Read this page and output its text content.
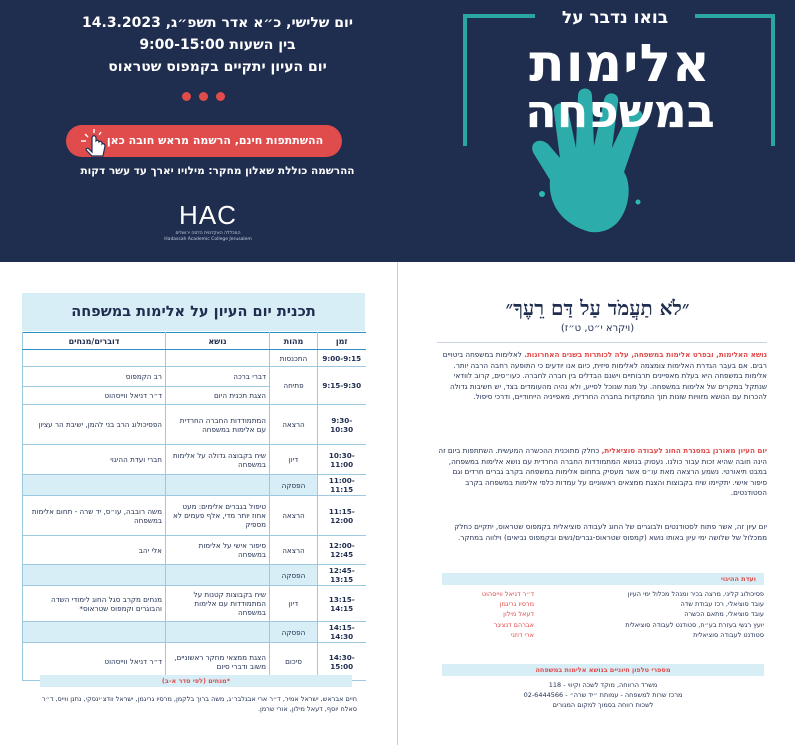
בואו נדבר על
אלימות
במשפחה
יום שלישי, כ״א אדר תשפ״ג, 14.3.2023
בין השעות 9:00-15:00
יום העיון יתקיים בקמפוס שטראוס
ההשתתפות חינם, הרשמה מראש חובה כאן
ההרשמה כוללת שאלון מחקר: מילויו יארך עד עשר דקות
HAC
המכללה האקדמית הדסה ירושלים
Hadassah Academic College Jerusalem
״לֹא תַעֲמֹד עַל דַּם רֵעֶךָ״
(ויקרא י״ט, ט״ז)
נושא האלימות, ובפרט אלימות במשפחה, עלה לכותרות בשנים האחרונות. לאלימות במשפחה ביטויים רבים. אם בעבר הגדרת האלימות צומצמה לאלימות פיזית, כיום אנו יודעים כי התופעה רחבה הרבה יותר. אלימות במשפחה היא בעלת מאפיינים תרבותיים וישנם הבדלים בין חברה לחברה. כעו״סים, קרוב לוודאי שנתקל במקרים של אלימות במשפחה. על מנת שנוכל לסייע, ולא נהיה מהעומדים בצד, יש חשיבות גדולה להכרות עם הנושא מזוויות שונות תוך התמקדות בחברה החרדית, מאפייניה הייחודיים, ודרכי סיפול.
יום העיון מאורגן במסגרת החוג לעבודה סוציאלית, כחלק מתוכנית ההכשרה המעשית. השתתפות ביום זה הינה חובה שהיא זכות עבור כולנו. נעסוק בנושא המתמודדות החברה החרדית עם נושא אלימות במשפחה, במבט תיאורטי. נשמע הרצאה מאת עו״ס אשר מעסיק בתחום אלימות במשפחה בקרב גברים חרדים וגם סיפור אישי. יתקיימו שיח בקבוצות והצגת ממצאים ראשוניים על עמדות כלפי אלימות במשפחה בקרב הסטודנטים.
יום עיון זה, אשר פתוח לסטודנטים ולבוגרים של החוג לעבודה סוציאלית בקמפוס שטראוס, יתקיים כחלק ממכלול של שלושה ימי עיון באותו נושא (קמפוס שטראוס-גברים/נשים ובקמפוס נביאים) וילווה במחקר.
ועדת ההיגוי
פסיכולוג קליני, מרצה בכיר ומנהל מכלול ימי העיון
ד״ר דניאל ווייסהוט
עובד סוציאלי, רכז עבודת שדה
מרסיו גריגמן
עובד סוציאלי, מתאם הכשרה
דעאל מילון
יועץ רגשי בעזרת בע״ח, סטודנט לעבודה סוציאלית
אברהם דנציגר
סטודנט לעבודה סוציאלית
ארי דוזני
מספרי טלפון חיוניים בנושא אלימות במשפחה
משרד הרווחה, מוקד לשכה וקיווי - 118
מרכז שרות למשפחה - עמותת ״יד שרה״ - 02-6444566
לשכות רווחה בסמוך למקום המגורים
תכנית יום העיון על אלימות במשפחה
זמן	מהות	נושא	דוברים/מנחים
9:00-9:15	התכנסות		
9:15-9:30	פתיחה	דברי ברכה	רב הקמפוס
		הצגת תכנית היום	ד״ר דניאל ווייסהוט
9:30-10:30	הרצאה	המתמודדות החברה החרדית עם אלימות במשפחה	הפסיכולוג הרב בני להמן, ישיבת הר עציון
10:30-11:00	דיון	שיח בקבוצה גדולה על אלימות במשפחה	חברי ועדת ההיגוי
11:00-11:15	הפסקה		
11:15-12:00	הרצאה	טיפול בגברים אלימים: מעט אחוז יותר מדי, אלף פעמים לא מספיק	משה רובבה, עו״ס, יד שרה - תחום אלימות במשפחה
12:00-12:45	הרצאה	סיפור אישי על אלימות במשפחה	אלי יהב
12:45-13:15	הפסקה		
13:15-14:15	דיון	שיח בקבוצות קטנות על המתמודדות עם אלימות במשפחה	מנחים מקרב סגל החוג לימודי השדה והבוגרים וקמפוס שטראוס*
14:15-14:30	הפסקה		
14:30-15:00	סיכום	הצגת ממצאי מחקר ראשוניים, משוב ודברי סיום	ד״ר דניאל ווייסהוט
*מנחים (לפי סדר א-ב)
חיים אבראש, ישראל אמיר, ד״ר ארי אבגלבר׳ג, משה ברוך בלקמן, מרסיו גריגמן, ישראל וודצ׳ינסקי, נתנן ווייס, ד״ר סאלח יוסף, דעאל מילון, אורי שרמן.
